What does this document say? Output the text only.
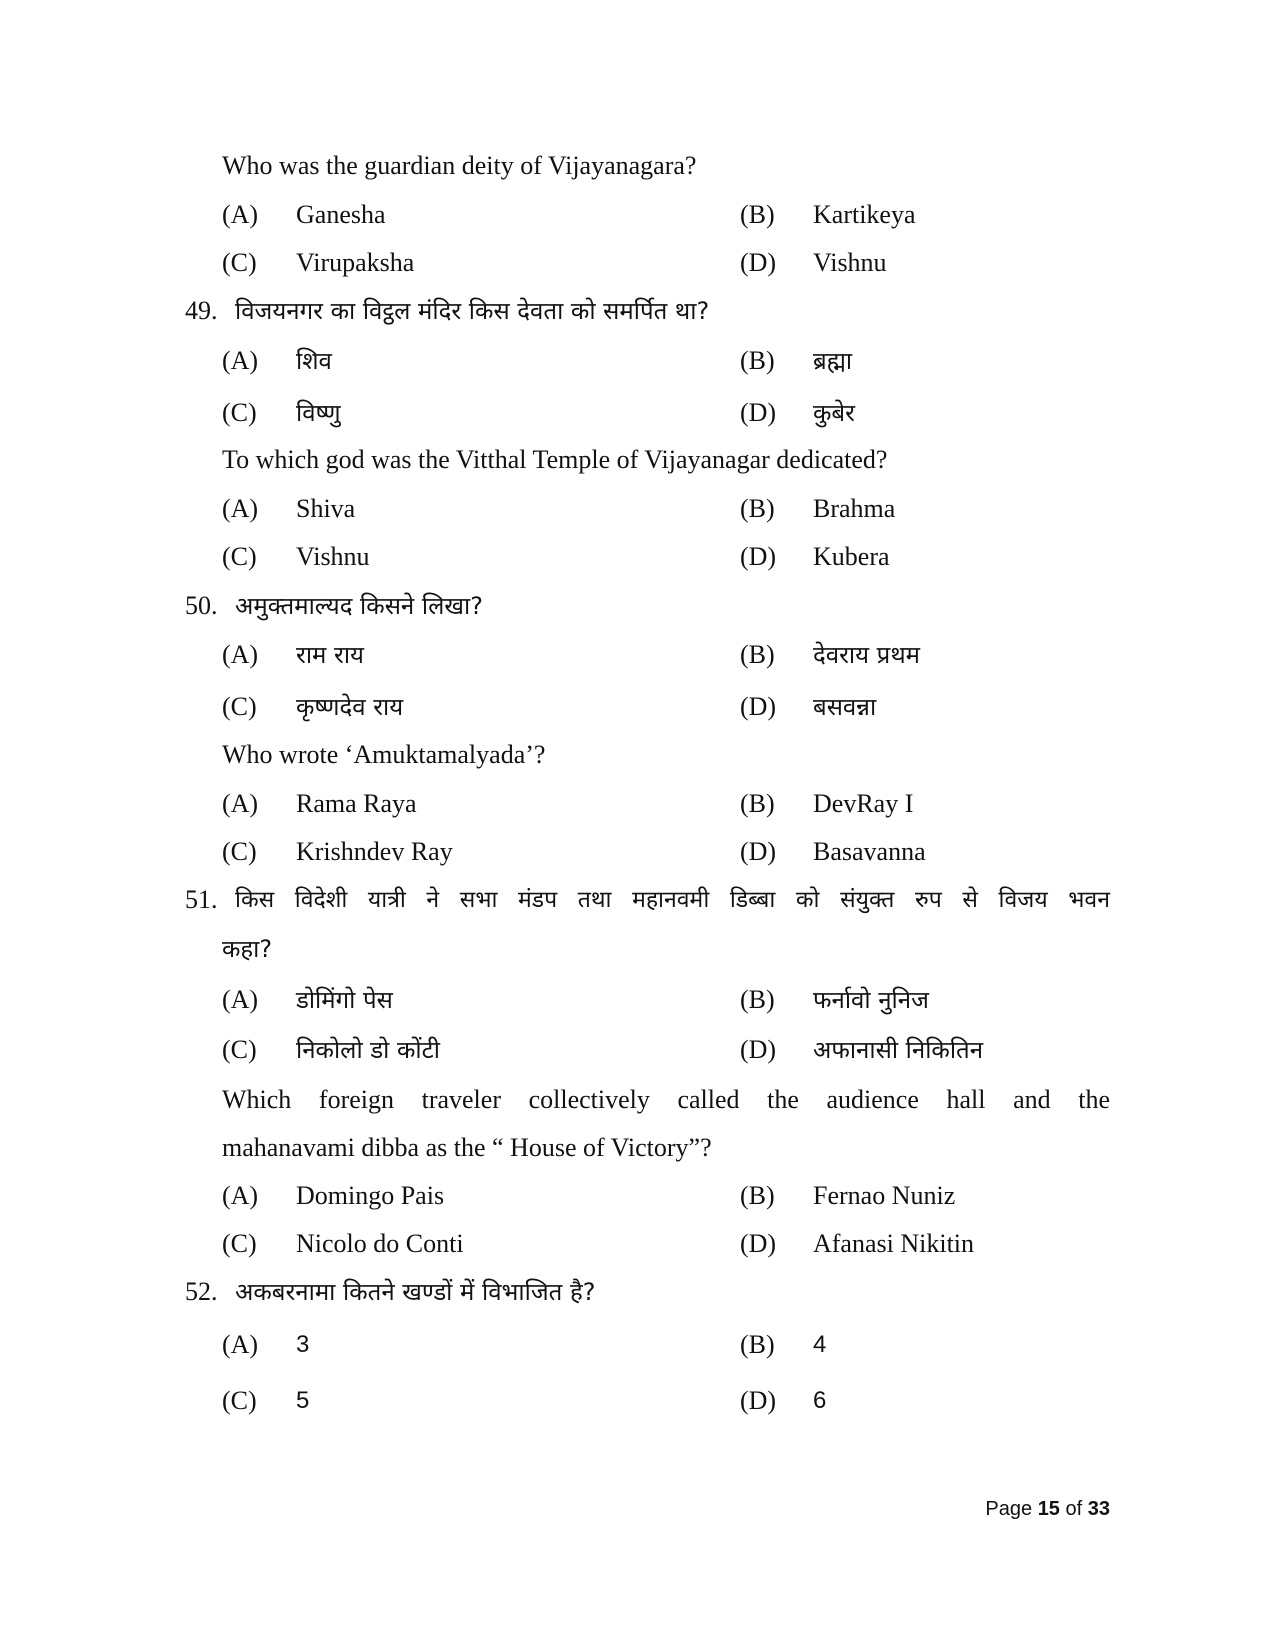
Who was the guardian deity of Vijayanagara?
(A) Ganesha	(B) Kartikeya
(C) Virupaksha	(D) Vishnu
49. विजयनगर का विट्ठल मंदिर किस देवता को समर्पित था?
(A) शिव	(B) ब्रह्मा
(C) विष्णु	(D) कुबेर
To which god was the Vitthal Temple of Vijayanagar dedicated?
(A) Shiva	(B) Brahma
(C) Vishnu	(D) Kubera
50. अमुक्तमाल्यद किसने लिखा?
(A) राम राय	(B) देवराय प्रथम
(C) कृष्णदेव राय	(D) बसवन्ना
Who wrote ‘Amuktamalyada’?
(A) Rama Raya	(B) DevRay I
(C) Krishndev Ray	(D) Basavanna
51. किस विदेशी यात्री ने सभा मंडप तथा महानवमी डिब्बा को संयुक्त रुप से विजय भवन
कहा?
(A) डोमिंगो पेस	(B) फर्नावो नुनिज
(C) निकोलो डो कोंटी	(D) अफानासी निकितिन
Which foreign traveler collectively called the audience hall and the
mahanavami dibba as the “ House of Victory”?
(A) Domingo Pais	(B) Fernao Nuniz
(C) Nicolo do Conti	(D) Afanasi Nikitin
52. अकबरनामा कितने खण्डों में विभाजित है?
(A) 3	(B) 4
(C) 5	(D) 6
Page 15 of 33
